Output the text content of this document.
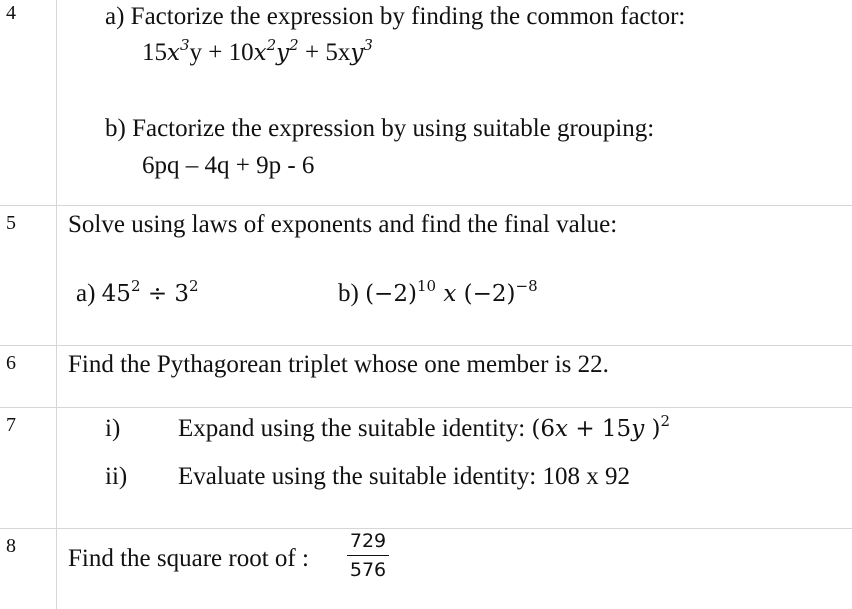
4	a) Factorize the expression by finding the common factor:
$15x^3y + 10x^2y^2 + 5xy^3$
b) Factorize the expression by using suitable grouping:
6pq – 4q + 9p - 6
5 Solve using laws of exponents and find the final value:
a) $45^2 \div 3^2$	b) $(-2)^{10}$ x $(-2)^{-8}$
6 Find the Pythagorean triplet whose one member is 22.
7	i) Expand using the suitable identity: (6x + 15y )$^2$
ii) Evaluate using the suitable identity: 108 x 92
8 Find the square root of :
729
576
